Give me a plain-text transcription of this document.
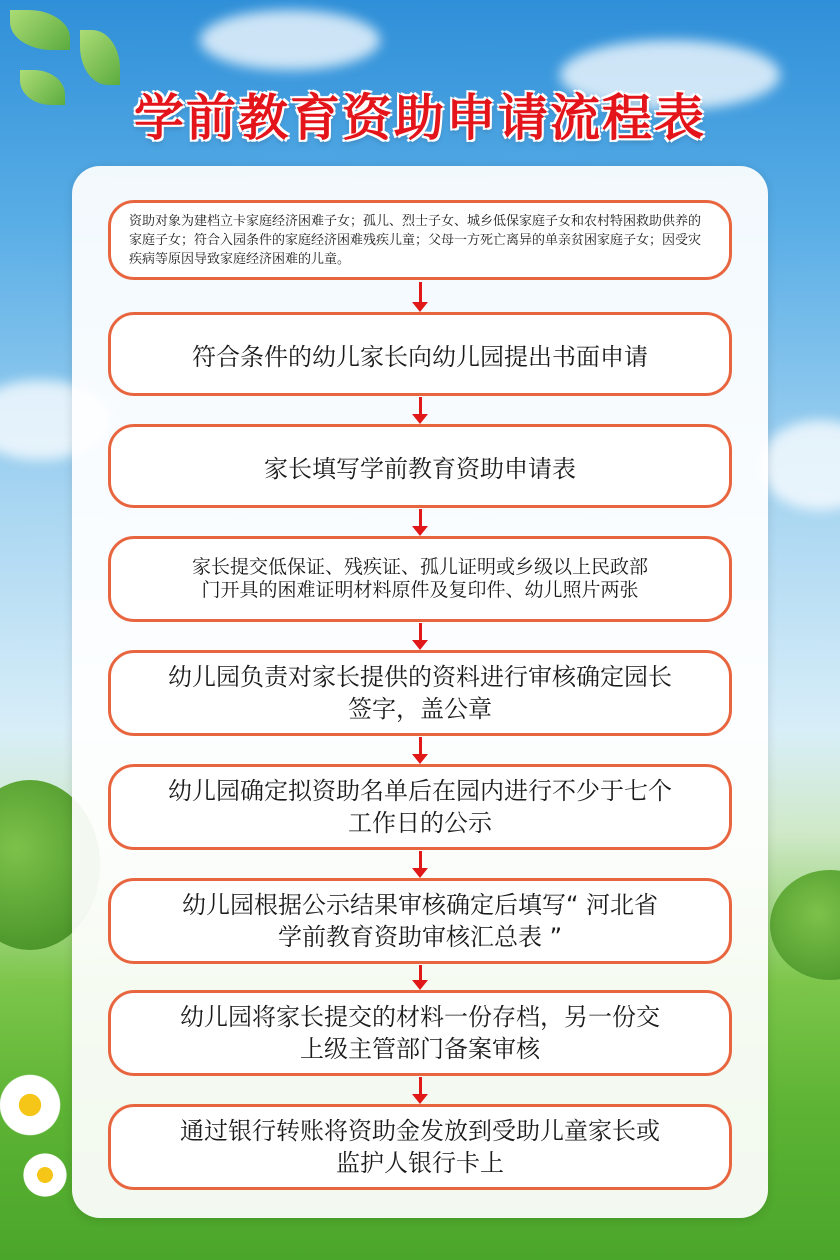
学前教育资助申请流程表
资助对象为建档立卡家庭经济困难子女；孤儿、烈士子女、城乡低保家庭子女和农村特困救助供养的家庭子女；符合入园条件的家庭经济困难残疾儿童；父母一方死亡离异的单亲贫困家庭子女；因受灾疾病等原因导致家庭经济困难的儿童。
符合条件的幼儿家长向幼儿园提出书面申请
家长填写学前教育资助申请表
家长提交低保证、残疾证、孤儿证明或乡级以上民政部门开具的困难证明材料原件及复印件、幼儿照片两张
幼儿园负责对家长提供的资料进行审核确定园长签字，盖公章
幼儿园确定拟资助名单后在园内进行不少于七个工作日的公示
幼儿园根据公示结果审核确定后填写“ 河北省学前教育资助审核汇总表 ”
幼儿园将家长提交的材料一份存档，另一份交上级主管部门备案审核
通过银行转账将资助金发放到受助儿童家长或监护人银行卡上
